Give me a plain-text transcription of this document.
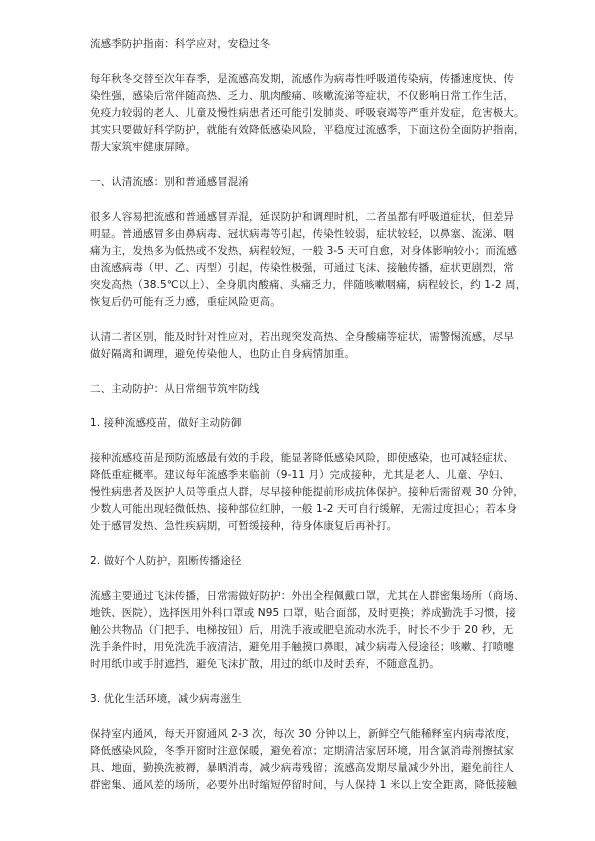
流感季防护指南：科学应对，安稳过冬
每年秋冬交替至次年春季，是流感高发期，流感作为病毒性呼吸道传染病，传播速度快、传
染性强，感染后常伴随高热、乏力、肌肉酸痛、咳嗽流涕等症状，不仅影响日常工作生活，
免疫力较弱的老人、儿童及慢性病患者还可能引发肺炎、呼吸衰竭等严重并发症，危害极大。
其实只要做好科学防护，就能有效降低感染风险，平稳度过流感季，下面这份全面防护指南，
帮大家筑牢健康屏障。
一、认清流感：别和普通感冒混淆
很多人容易把流感和普通感冒弄混，延误防护和调理时机，二者虽都有呼吸道症状，但差异
明显。普通感冒多由鼻病毒、冠状病毒等引起，传染性较弱，症状较轻，以鼻塞、流涕、咽
痛为主，发热多为低热或不发热，病程较短，一般 3-5 天可自愈，对身体影响较小；而流感
由流感病毒（甲、乙、丙型）引起，传染性极强，可通过飞沫、接触传播，症状更剧烈，常
突发高热（38.5℃以上）、全身肌肉酸痛、头痛乏力，伴随咳嗽咽痛，病程较长，约 1-2 周，
恢复后仍可能有乏力感，重症风险更高。
认清二者区别，能及时针对性应对，若出现突发高热、全身酸痛等症状，需警惕流感，尽早
做好隔离和调理，避免传染他人，也防止自身病情加重。
二、主动防护：从日常细节筑牢防线
1. 接种流感疫苗，做好主动防御
接种流感疫苗是预防流感最有效的手段，能显著降低感染风险，即使感染，也可减轻症状、
降低重症概率。建议每年流感季来临前（9-11 月）完成接种，尤其是老人、儿童、孕妇、
慢性病患者及医护人员等重点人群，尽早接种能提前形成抗体保护。接种后需留观 30 分钟，
少数人可能出现轻微低热、接种部位红肿，一般 1-2 天可自行缓解，无需过度担心；若本身
处于感冒发热、急性疾病期，可暂缓接种，待身体康复后再补打。
2. 做好个人防护，阻断传播途径
流感主要通过飞沫传播，日常需做好防护：外出全程佩戴口罩，尤其在人群密集场所（商场、
地铁、医院），选择医用外科口罩或 N95 口罩，贴合面部，及时更换；养成勤洗手习惯，接
触公共物品（门把手、电梯按钮）后，用洗手液或肥皂流动水洗手，时长不少于 20 秒，无
洗手条件时，用免洗洗手液清洁，避免用手触摸口鼻眼，减少病毒入侵途径；咳嗽、打喷嚏
时用纸巾或手肘遮挡，避免飞沫扩散，用过的纸巾及时丢弃，不随意乱扔。
3. 优化生活环境，减少病毒滋生
保持室内通风，每天开窗通风 2-3 次，每次 30 分钟以上，新鲜空气能稀释室内病毒浓度，
降低感染风险，冬季开窗时注意保暖，避免着凉；定期清洁家居环境，用含氯消毒剂擦拭家
具、地面，勤换洗被褥，暴晒消毒，减少病毒残留；流感高发期尽量减少外出，避免前往人
群密集、通风差的场所，必要外出时缩短停留时间，与人保持 1 米以上安全距离，降低接触
